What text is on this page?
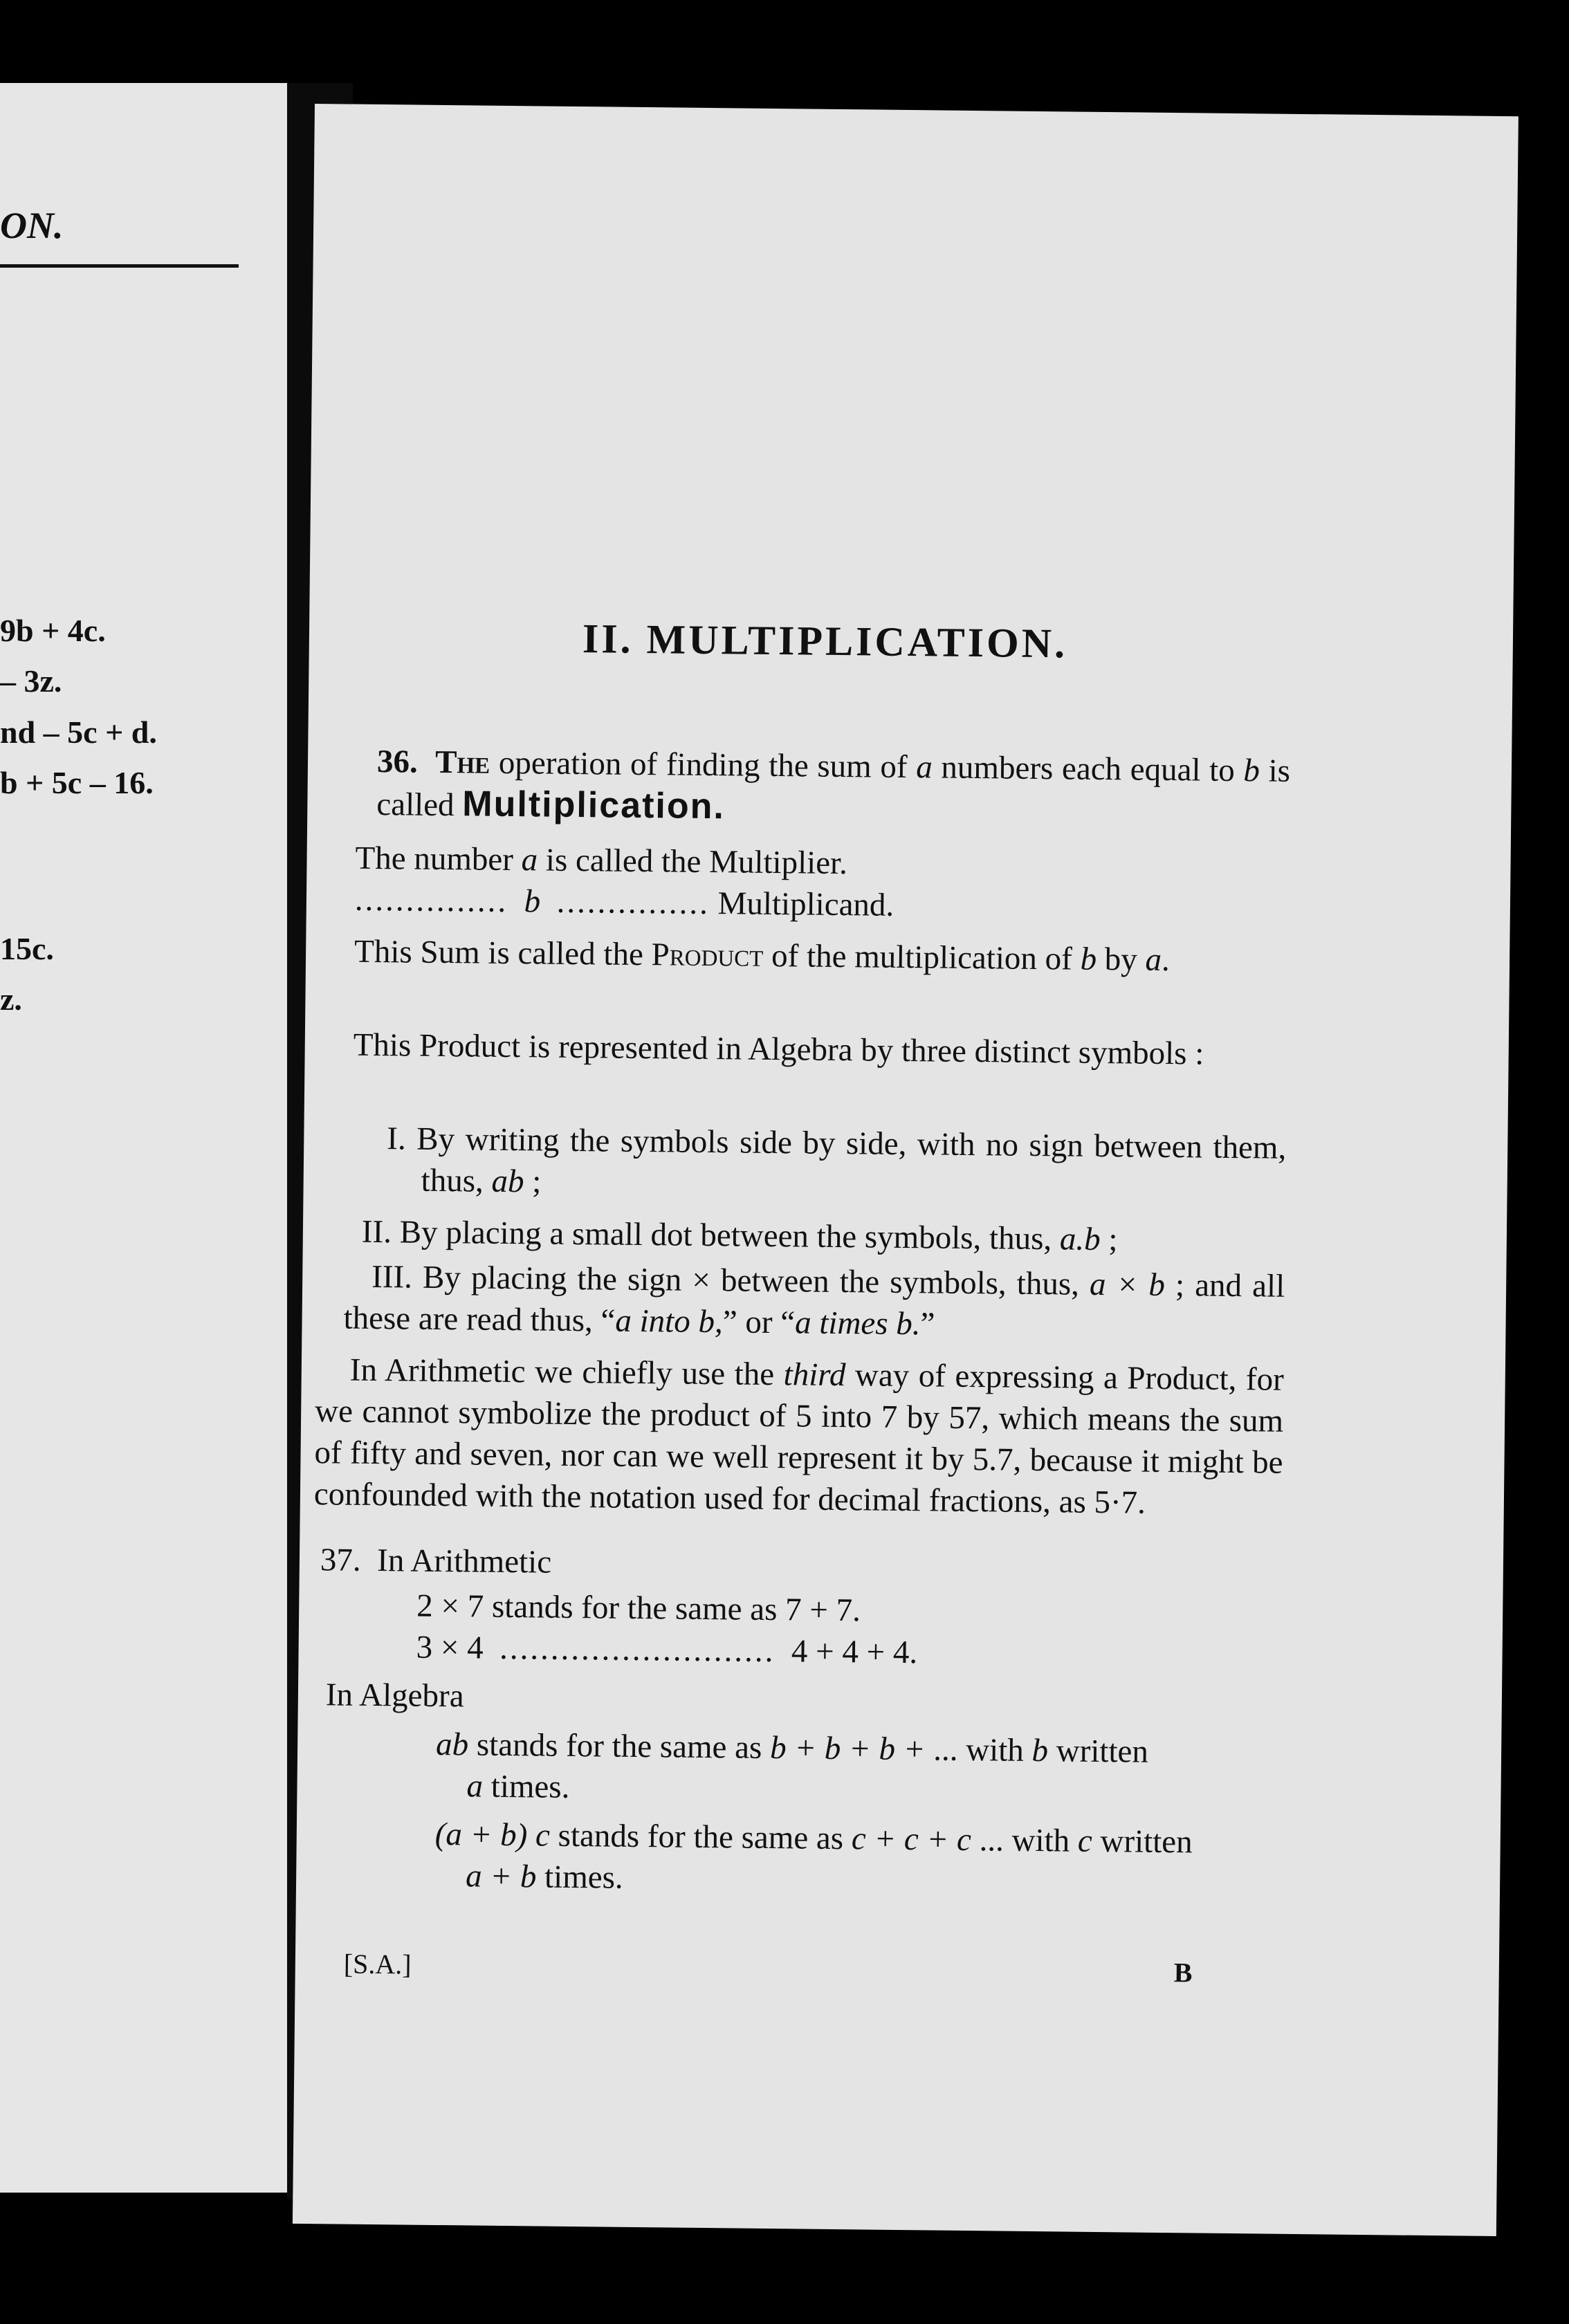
ON.
9b + 4c.
– 3z.
nd – 5c + d.
b + 5c – 16.
15c.
z.
II. MULTIPLICATION.

36. The operation of finding the sum of a numbers each equal to b is called Multiplication.

The number a is called the Multiplier.

............... b ............... Multiplicand.

This Sum is called the Product of the multiplication of b by a.

This Product is represented in Algebra by three distinct symbols :

I. By writing the symbols side by side, with no sign between them, thus, ab ;

II. By placing a small dot between the symbols, thus, a.b ;

III. By placing the sign × between the symbols, thus, a × b ; and all these are read thus, “a into b,” or “a times b.”

In Arithmetic we chiefly use the third way of expressing a Product, for we cannot symbolize the product of 5 into 7 by 57, which means the sum of fifty and seven, nor can we well represent it by 5.7, because it might be confounded with the notation used for decimal fractions, as 5·7.

37. In Arithmetic

2 × 7 stands for the same as 7 + 7.

3 × 4 ........................... 4 + 4 + 4.

In Algebra

ab stands for the same as b + b + b + ... with b written

a times.

(a + b) c stands for the same as c + c + c ... with c written

a + b times.

[S.A.]	B
